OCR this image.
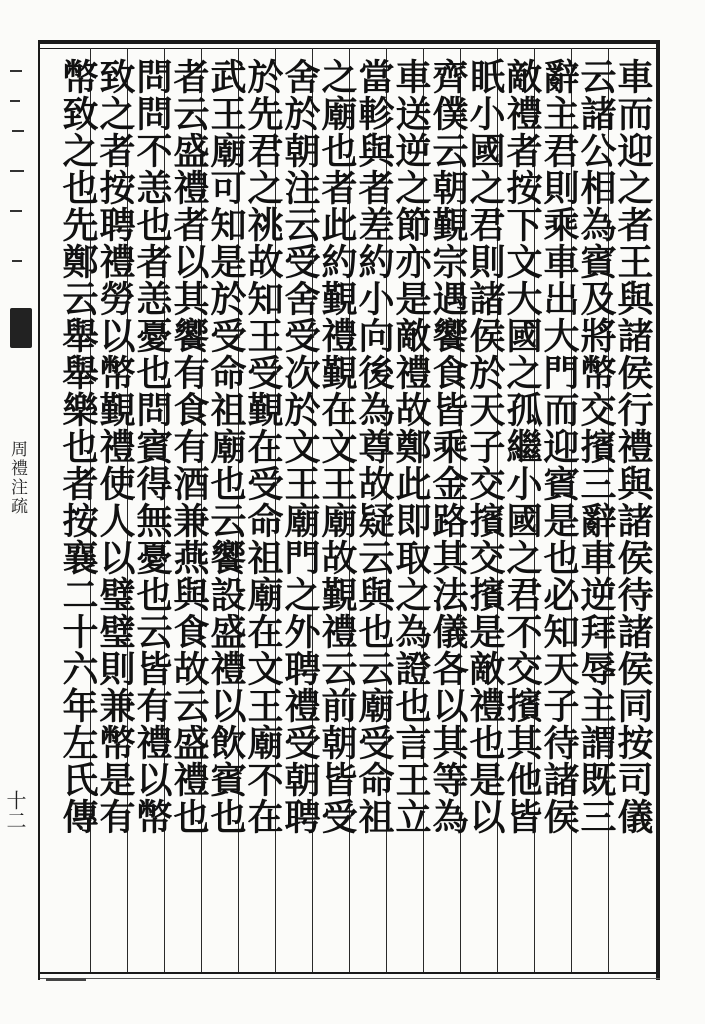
周禮注疏
十二	車而迎之者王與諸侯行禮與諸侯待諸侯同按司儀
云諸公相為賓及將幣交擯三辭車逆拜辱主謂既三
辭主君則乘車出大門而迎賓是也必知天子待諸侯
敵禮者按下文大國之孤繼小國之君不交擯其他皆
眂小國之君則諸侯於天子交擯交擯是敵禮也是以
齊僕云朝覲宗遇饗食皆乘金路其法儀各以其等為
車送逆之節亦是敵禮故鄭此即取之為證也言王立
當軫與者差約小向後為尊故疑云與也云廟受命祖
之廟也者此約覲禮覲在文王廟故覲禮云前朝皆受
舍於朝注云受舍受次於文王廟門之外聘禮受朝聘
於先君之祧故知王受覲在受命祖廟在文王廟不在
武王廟可知是於受命祖廟也云饗設盛禮以飲賓也
者云盛禮者以其饗有食有酒兼燕與食故云盛禮也
問問不恙也者恙憂也問賓得無憂也云皆有禮以幣
致之者按聘禮勞以幣覲禮使人以璧璧則兼幣是有
幣致之也先鄭云舉舉樂也者按襄二十六年左氏傳
